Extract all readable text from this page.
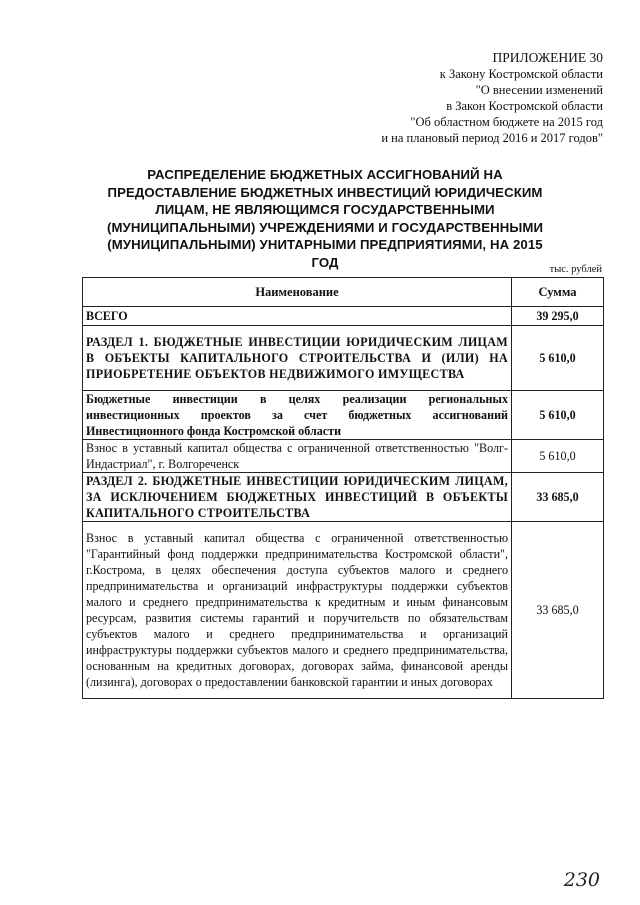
ПРИЛОЖЕНИЕ 30
к Закону Костромской области
"О внесении изменений
в Закон Костромской области
"Об областном бюджете на 2015 год
и на плановый период 2016 и 2017 годов"
РАСПРЕДЕЛЕНИЕ БЮДЖЕТНЫХ АССИГНОВАНИЙ НА ПРЕДОСТАВЛЕНИЕ БЮДЖЕТНЫХ ИНВЕСТИЦИЙ ЮРИДИЧЕСКИМ ЛИЦАМ, НЕ ЯВЛЯЮЩИМСЯ ГОСУДАРСТВЕННЫМИ (МУНИЦИПАЛЬНЫМИ) УЧРЕЖДЕНИЯМИ И ГОСУДАРСТВЕННЫМИ (МУНИЦИПАЛЬНЫМИ) УНИТАРНЫМИ ПРЕДПРИЯТИЯМИ, НА 2015 ГОД	тыс. рублей
Наименование	Сумма
ВСЕГО	39 295,0
РАЗДЕЛ 1. БЮДЖЕТНЫЕ ИНВЕСТИЦИИ ЮРИДИЧЕСКИМ ЛИЦАМ В ОБЪЕКТЫ КАПИТАЛЬНОГО СТРОИТЕЛЬСТВА И (ИЛИ) НА ПРИОБРЕТЕНИЕ ОБЪЕКТОВ НЕДВИЖИМОГО ИМУЩЕСТВА	5 610,0
Бюджетные инвестиции в целях реализации региональных инвестиционных проектов за счет бюджетных ассигнований Инвестиционного фонда Костромской области	5 610,0
Взнос в уставный капитал общества с ограниченной ответственностью "Волг-Индастриал", г. Волгореченск	5 610,0
РАЗДЕЛ 2. БЮДЖЕТНЫЕ ИНВЕСТИЦИИ ЮРИДИЧЕСКИМ ЛИЦАМ, ЗА ИСКЛЮЧЕНИЕМ БЮДЖЕТНЫХ ИНВЕСТИЦИЙ В ОБЪЕКТЫ КАПИТАЛЬНОГО СТРОИТЕЛЬСТВА	33 685,0
Взнос в уставный капитал общества с ограниченной ответственностью "Гарантийный фонд поддержки предпринимательства Костромской области", г.Кострома, в целях обеспечения доступа субъектов малого и среднего предпринимательства и организаций инфраструктуры поддержки субъектов малого и среднего предпринимательства к кредитным и иным финансовым ресурсам, развития системы гарантий и поручительств по обязательствам субъектов малого и среднего предпринимательства и организаций инфраструктуры поддержки субъектов малого и среднего предпринимательства, основанным на кредитных договорах, договорах займа, финансовой аренды (лизинга), договорах о предоставлении банковской гарантии и иных договорах	33 685,0
230
